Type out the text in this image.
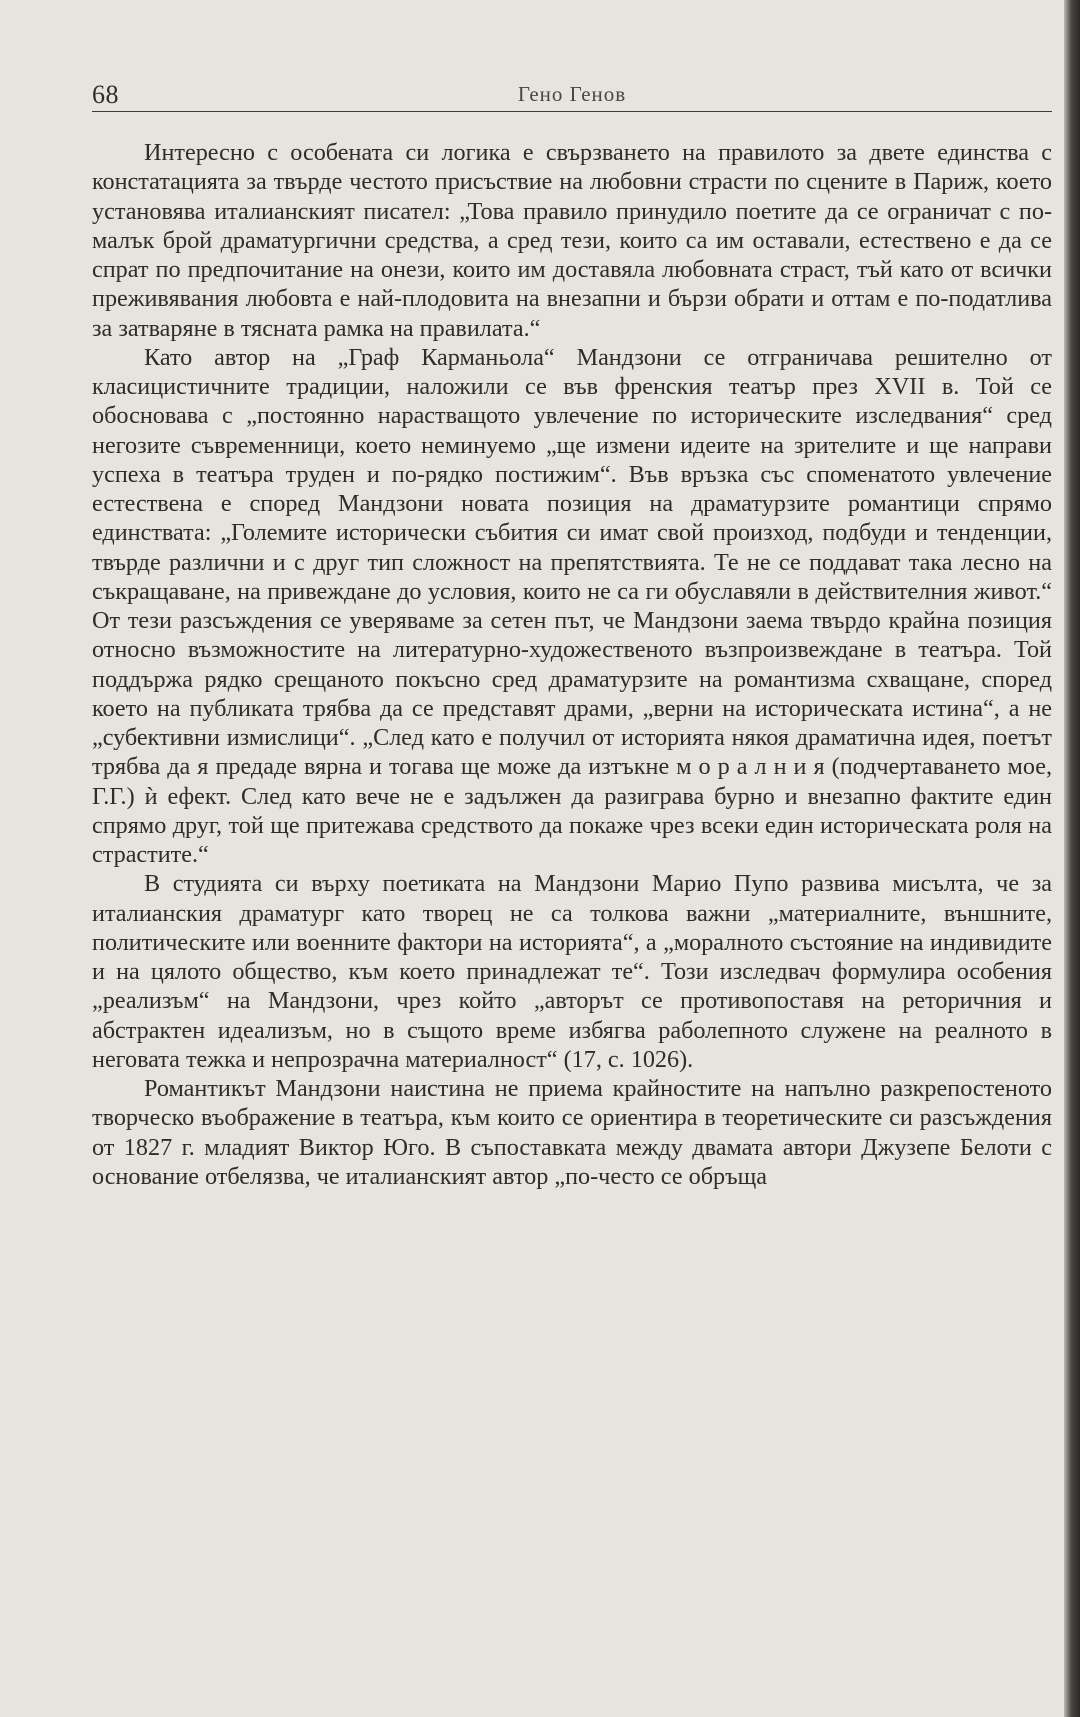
68	Гено Генов

Интересно с особената си логика е свързването на правилото за двете единства с констатацията за твърде честото присъствие на любовни страсти по сцените в Париж, което установява италианският писател: „Това правило принудило поетите да се ограничат с по-малък брой драматургични средства, а сред тези, които са им оставали, естествено е да се спрат по предпочитание на онези, които им доставяла любовната страст, тъй като от всички преживявания любовта е най-плодовита на внезапни и бързи обрати и оттам е по-податлива за затваряне в тясната рамка на правилата.“

Като автор на „Граф Карманьола“ Мандзони се отграничава решително от класицистичните традиции, наложили се във френския театър през XVII в. Той се обосновава с „постоянно нарастващото увлечение по историческите изследвания“ сред негозите съвременници, което неминуемо „ще измени идеите на зрителите и ще направи успеха в театъра труден и по-рядко постижим“. Във връзка със споменатото увлечение естествена е според Мандзони новата позиция на драматурзите романтици спрямо единствата: „Големите исторически събития си имат свой произход, подбуди и тенденции, твърде различни и с друг тип сложност на препятствията. Те не се поддават така лесно на съкращаване, на привеждане до условия, които не са ги обуславяли в действителния живот.“ От тези разсъждения се уверяваме за сетен път, че Мандзони заема твърдо крайна позиция относно възможностите на литературно-художественото възпроизвеждане в театъра. Той поддържа рядко срещаното покъсно сред драматурзите на романтизма схващане, според което на публиката трябва да се представят драми, „верни на историческата истина“, а не „субективни измислици“. „След като е получил от историята някоя драматична идея, поетът трябва да я предаде вярна и тогава ще може да изтъкне м о р а л н и я (подчертаването мое, Г.Г.) ѝ ефект. След като вече не е задължен да разиграва бурно и внезапно фактите един спрямо друг, той ще притежава средството да покаже чрез всеки един историческата роля на страстите.“

В студията си върху поетиката на Мандзони Марио Пупо развива мисълта, че за италианския драматург като творец не са толкова важни „материалните, външните, политическите или военните фактори на историята“, а „моралното състояние на индивидите и на цялото общество, към което принадлежат те“. Този изследвач формулира особения „реализъм“ на Мандзони, чрез който „авторът се противопоставя на реторичния и абстрактен идеализъм, но в същото време избягва раболепното служене на реалното в неговата тежка и непрозрачна материалност“ (17, с. 1026).

Романтикът Мандзони наистина не приема крайностите на напълно разкрепостеното творческо въображение в театъра, към които се ориентира в теоретическите си разсъждения от 1827 г. младият Виктор Юго. В съпоставката между двамата автори Джузепе Белоти с основание отбелязва, че италианският автор „по-често се обръща
